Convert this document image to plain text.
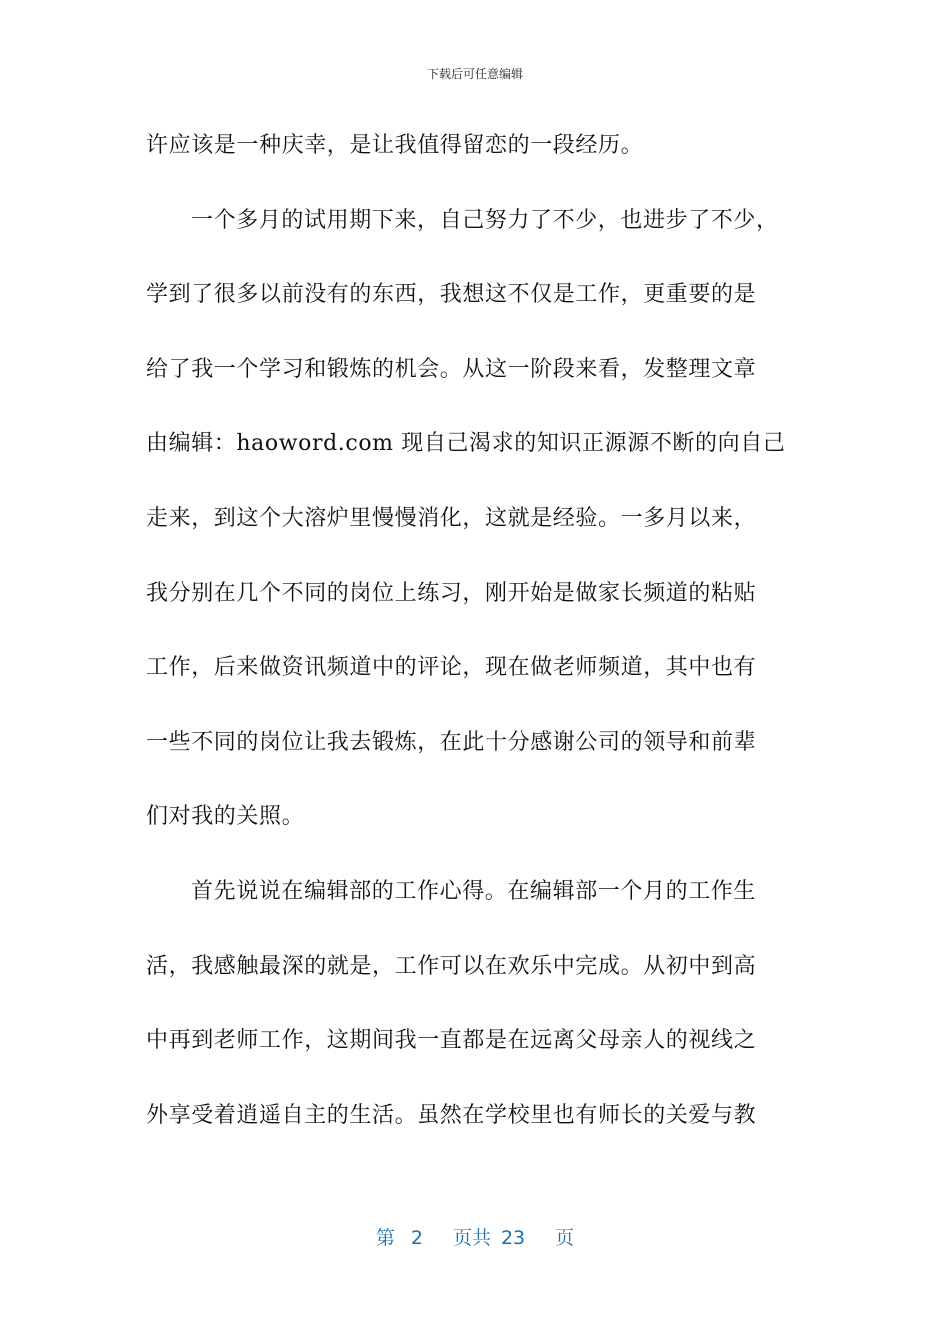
下载后可任意编辑
许应该是一种庆幸，是让我值得留恋的一段经历。
一个多月的试用期下来，自己努力了不少，也进步了不少，
学到了很多以前没有的东西，我想这不仅是工作，更重要的是
给了我一个学习和锻炼的机会。从这一阶段来看，发整理文章
由编辑：haoword.com 现自己渴求的知识正源源不断的向自己
走来，到这个大溶炉里慢慢消化，这就是经验。一多月以来，
我分别在几个不同的岗位上练习，刚开始是做家长频道的粘贴
工作，后来做资讯频道中的评论，现在做老师频道，其中也有
一些不同的岗位让我去锻炼，在此十分感谢公司的领导和前辈
们对我的关照。
首先说说在编辑部的工作心得。在编辑部一个月的工作生
活，我感触最深的就是，工作可以在欢乐中完成。从初中到高
中再到老师工作，这期间我一直都是在远离父母亲人的视线之
外享受着逍遥自主的生活。虽然在学校里也有师长的关爱与教
第 2 页共 23 页
